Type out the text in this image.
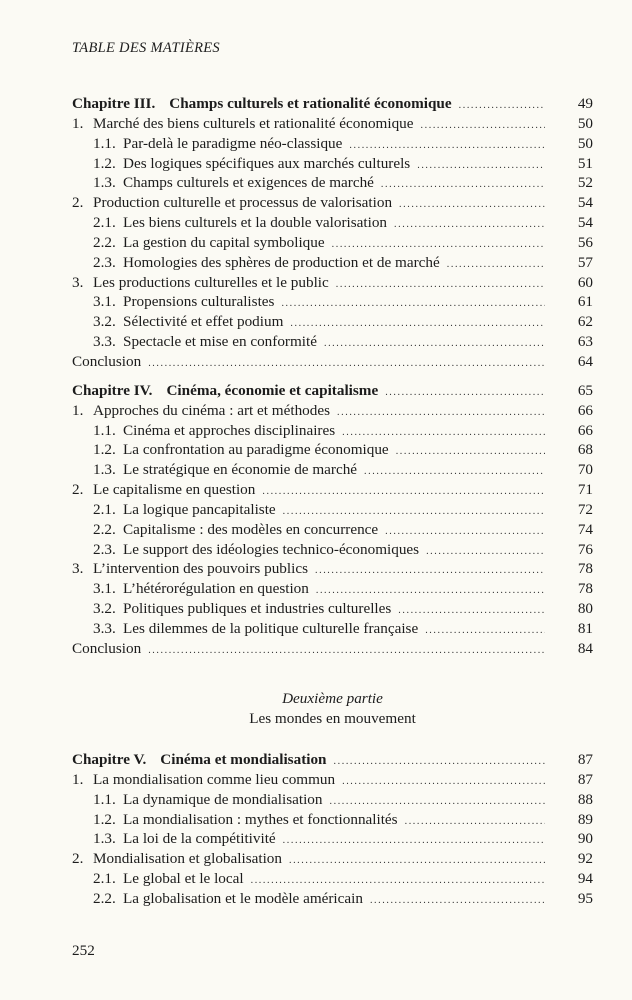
TABLE DES MATIÈRES
Chapitre III. Champs culturels et rationalité économique .....	49
1. Marché des biens culturels et rationalité économique .....	50
1.1. Par-delà le paradigme néo-classique .....	50
1.2. Des logiques spécifiques aux marchés culturels .....	51
1.3. Champs culturels et exigences de marché .....	52
2. Production culturelle et processus de valorisation .....	54
2.1. Les biens culturels et la double valorisation .....	54
2.2. La gestion du capital symbolique .....	56
2.3. Homologies des sphères de production et de marché .....	57
3. Les productions culturelles et le public .....	60
3.1. Propensions culturalistes .....	61
3.2. Sélectivité et effet podium .....	62
3.3. Spectacle et mise en conformité .....	63
Conclusion .....	64
Chapitre IV. Cinéma, économie et capitalisme .....	65
1. Approches du cinéma : art et méthodes .....	66
1.1. Cinéma et approches disciplinaires .....	66
1.2. La confrontation au paradigme économique .....	68
1.3. Le stratégique en économie de marché .....	70
2. Le capitalisme en question .....	71
2.1. La logique pancapitaliste .....	72
2.2. Capitalisme : des modèles en concurrence .....	74
2.3. Le support des idéologies technico-économiques .....	76
3. L’intervention des pouvoirs publics .....	78
3.1. L’hétérorégulation en question .....	78
3.2. Politiques publiques et industries culturelles .....	80
3.3. Les dilemmes de la politique culturelle française .....	81
Conclusion .....	84
Deuxième partie
Les mondes en mouvement
Chapitre V. Cinéma et mondialisation .....	87
1. La mondialisation comme lieu commun .....	87
1.1. La dynamique de mondialisation .....	88
1.2. La mondialisation : mythes et fonctionnalités .....	89
1.3. La loi de la compétitivité .....	90
2. Mondialisation et globalisation .....	92
2.1. Le global et le local .....	94
2.2. La globalisation et le modèle américain .....	95
252
